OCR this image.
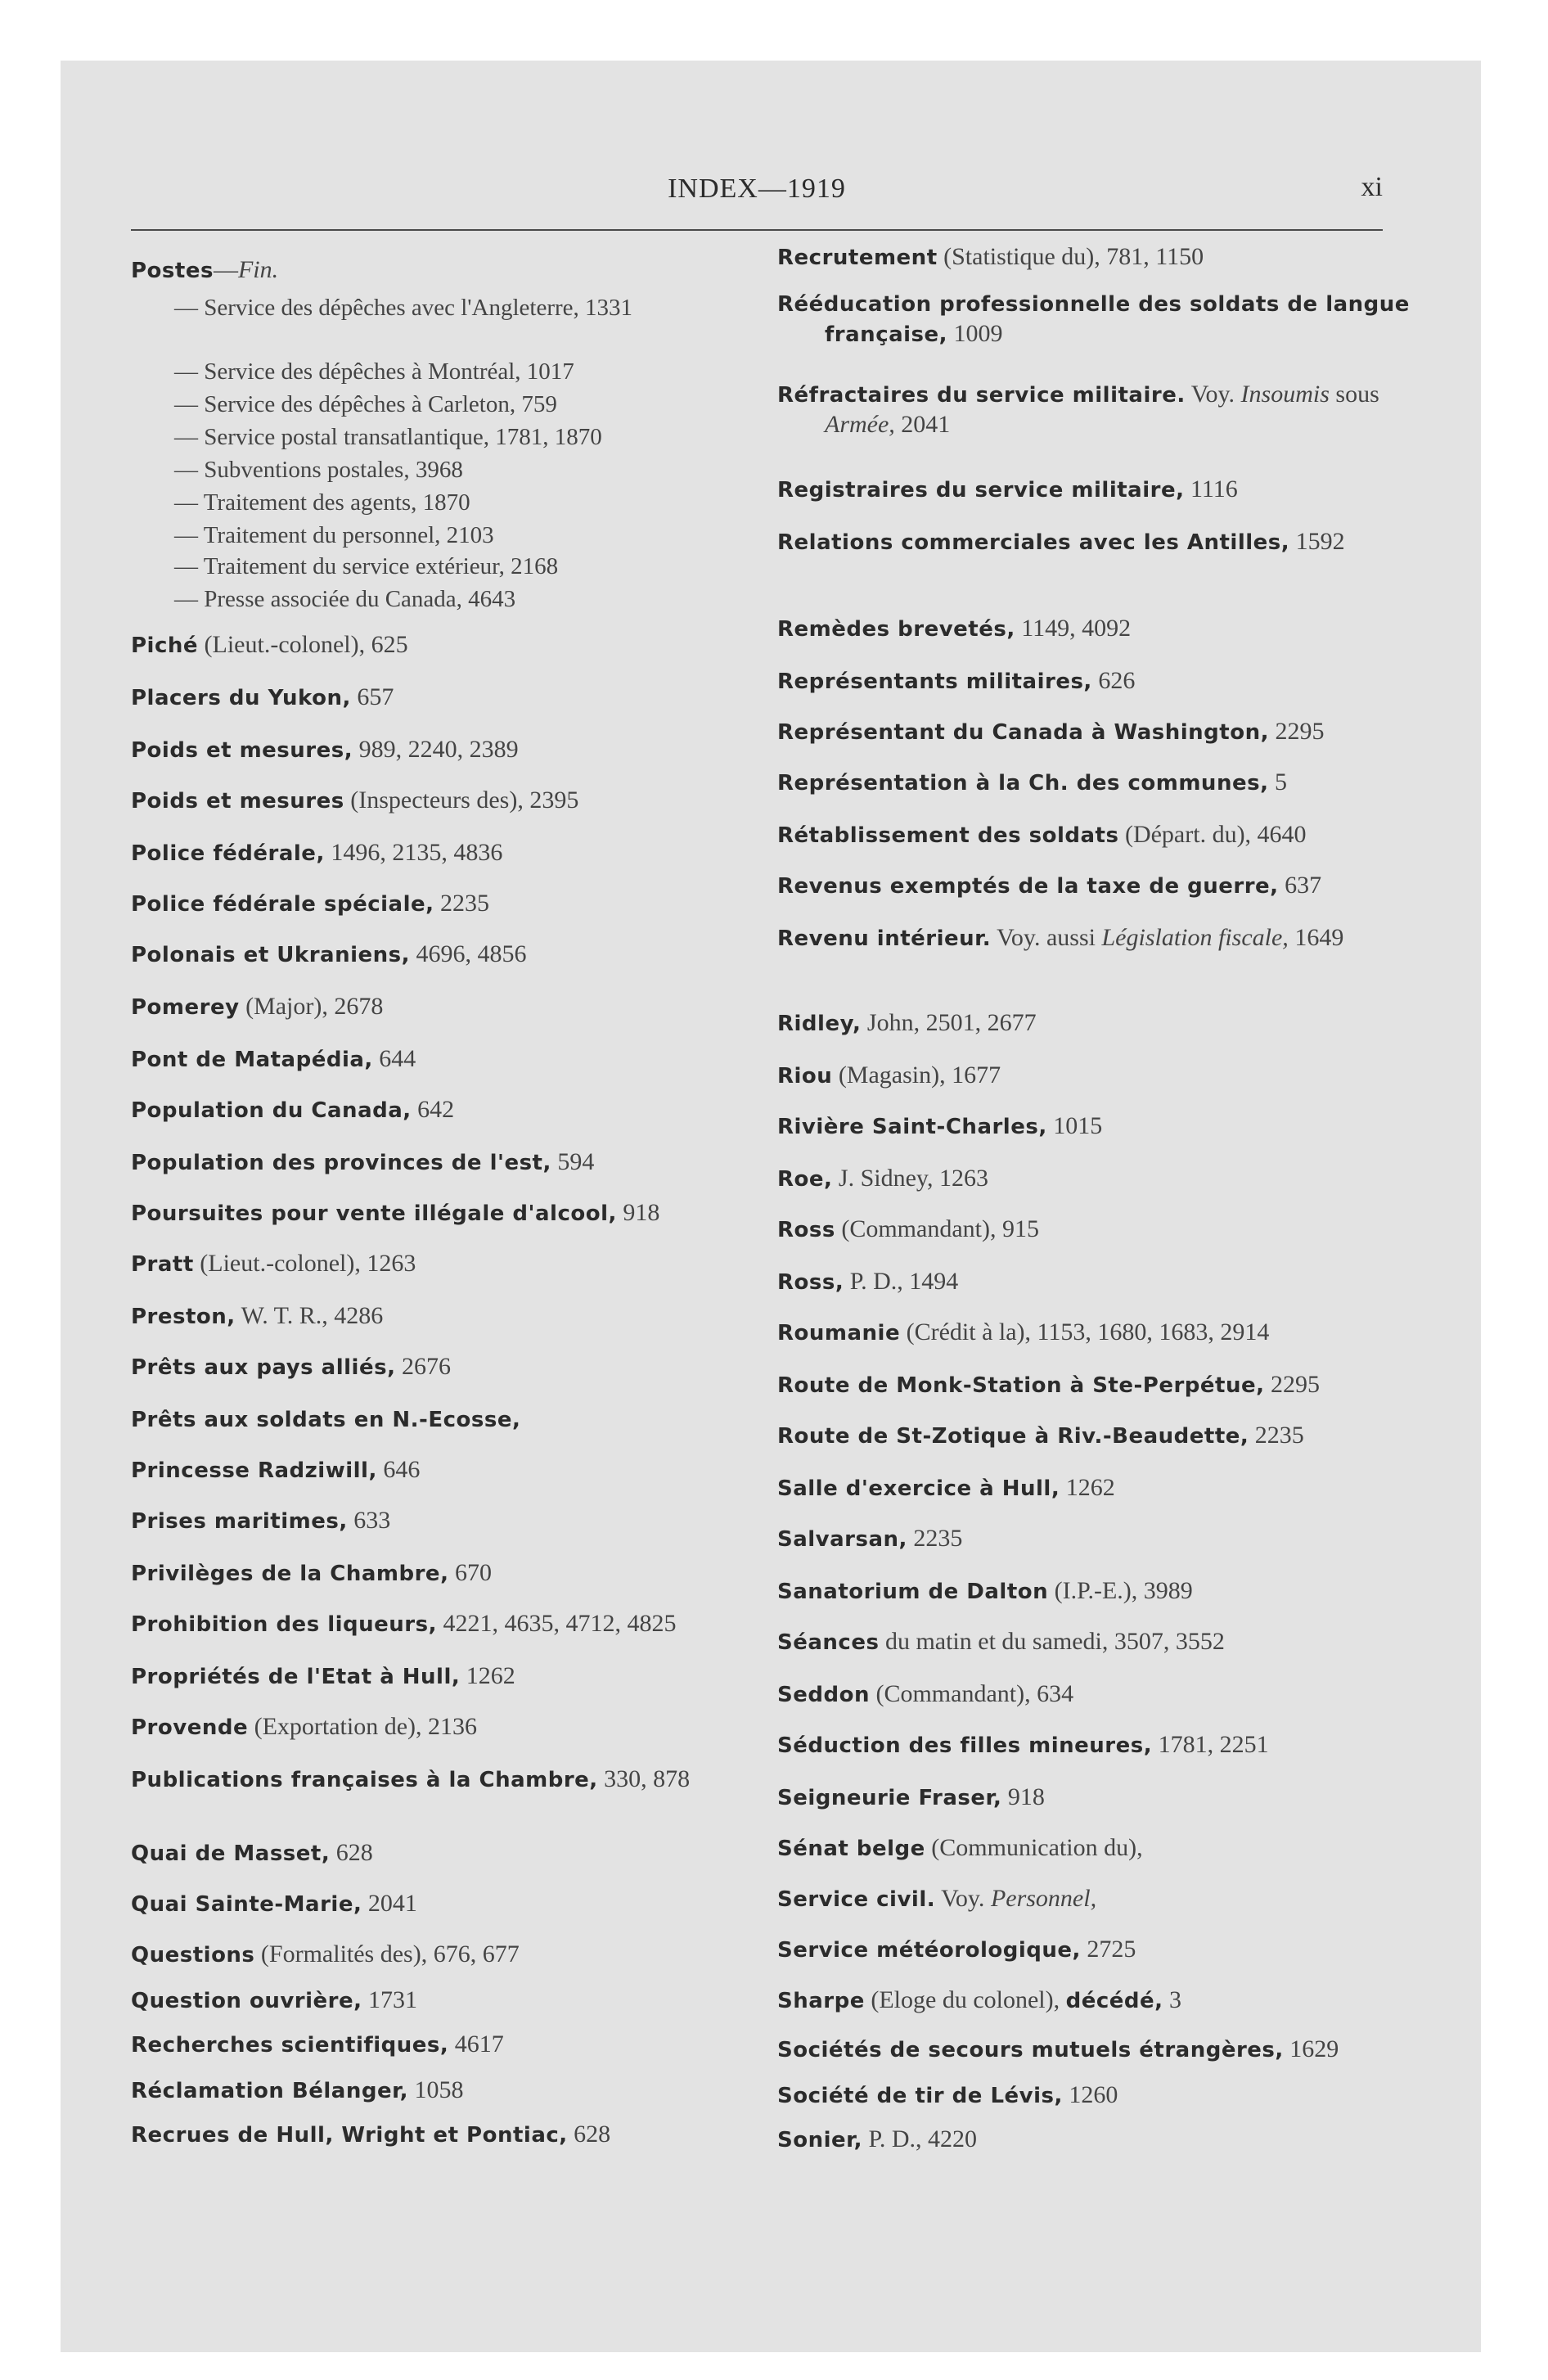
INDEX—1919	xi
Postes—Fin.
— Service des dépêches avec l'Angleterre, 1331
— Service des dépêches à Montréal, 1017
— Service des dépêches à Carleton, 759
— Service postal transatlantique, 1781, 1870
— Subventions postales, 3968
— Traitement des agents, 1870
— Traitement du personnel, 2103
— Traitement du service extérieur, 2168
— Presse associée du Canada, 4643
Piché (Lieut.-colonel), 625
Placers du Yukon, 657
Poids et mesures, 989, 2240, 2389
Poids et mesures (Inspecteurs des), 2395
Police fédérale, 1496, 2135, 4836
Police fédérale spéciale, 2235
Polonais et Ukraniens, 4696, 4856
Pomerey (Major), 2678
Pont de Matapédia, 644
Population du Canada, 642
Population des provinces de l'est, 594
Poursuites pour vente illégale d'alcool, 918
Pratt (Lieut.-colonel), 1263
Preston, W. T. R., 4286
Prêts aux pays alliés, 2676
Prêts aux soldats en N.-Ecosse,
Princesse Radziwill, 646
Prises maritimes, 633
Privilèges de la Chambre, 670
Prohibition des liqueurs, 4221, 4635, 4712, 4825
Propriétés de l'Etat à Hull, 1262
Provende (Exportation de), 2136
Publications françaises à la Chambre, 330, 878
Quai de Masset, 628
Quai Sainte-Marie, 2041
Questions (Formalités des), 676, 677
Question ouvrière, 1731
Recherches scientifiques, 4617
Réclamation Bélanger, 1058
Recrues de Hull, Wright et Pontiac, 628
Recrutement (Statistique du), 781, 1150
Rééducation professionnelle des soldats de langue française, 1009
Réfractaires du service militaire. Voy. Insoumis sous Armée, 2041
Registraires du service militaire, 1116
Relations commerciales avec les Antilles, 1592
Remèdes brevetés, 1149, 4092
Représentants militaires, 626
Représentant du Canada à Washington, 2295
Représentation à la Ch. des communes, 5
Rétablissement des soldats (Départ. du), 4640
Revenus exemptés de la taxe de guerre, 637
Revenu intérieur. Voy. aussi Législation fiscale, 1649
Ridley, John, 2501, 2677
Riou (Magasin), 1677
Rivière Saint-Charles, 1015
Roe, J. Sidney, 1263
Ross (Commandant), 915
Ross, P. D., 1494
Roumanie (Crédit à la), 1153, 1680, 1683, 2914
Route de Monk-Station à Ste-Perpétue, 2295
Route de St-Zotique à Riv.-Beaudette, 2235
Salle d'exercice à Hull, 1262
Salvarsan, 2235
Sanatorium de Dalton (I.P.-E.), 3989
Séances du matin et du samedi, 3507, 3552
Seddon (Commandant), 634
Séduction des filles mineures, 1781, 2251
Seigneurie Fraser, 918
Sénat belge (Communication du),
Service civil. Voy. Personnel,
Service météorologique, 2725
Sharpe (Eloge du colonel), décédé, 3
Sociétés de secours mutuels étrangères, 1629
Société de tir de Lévis, 1260
Sonier, P. D., 4220
